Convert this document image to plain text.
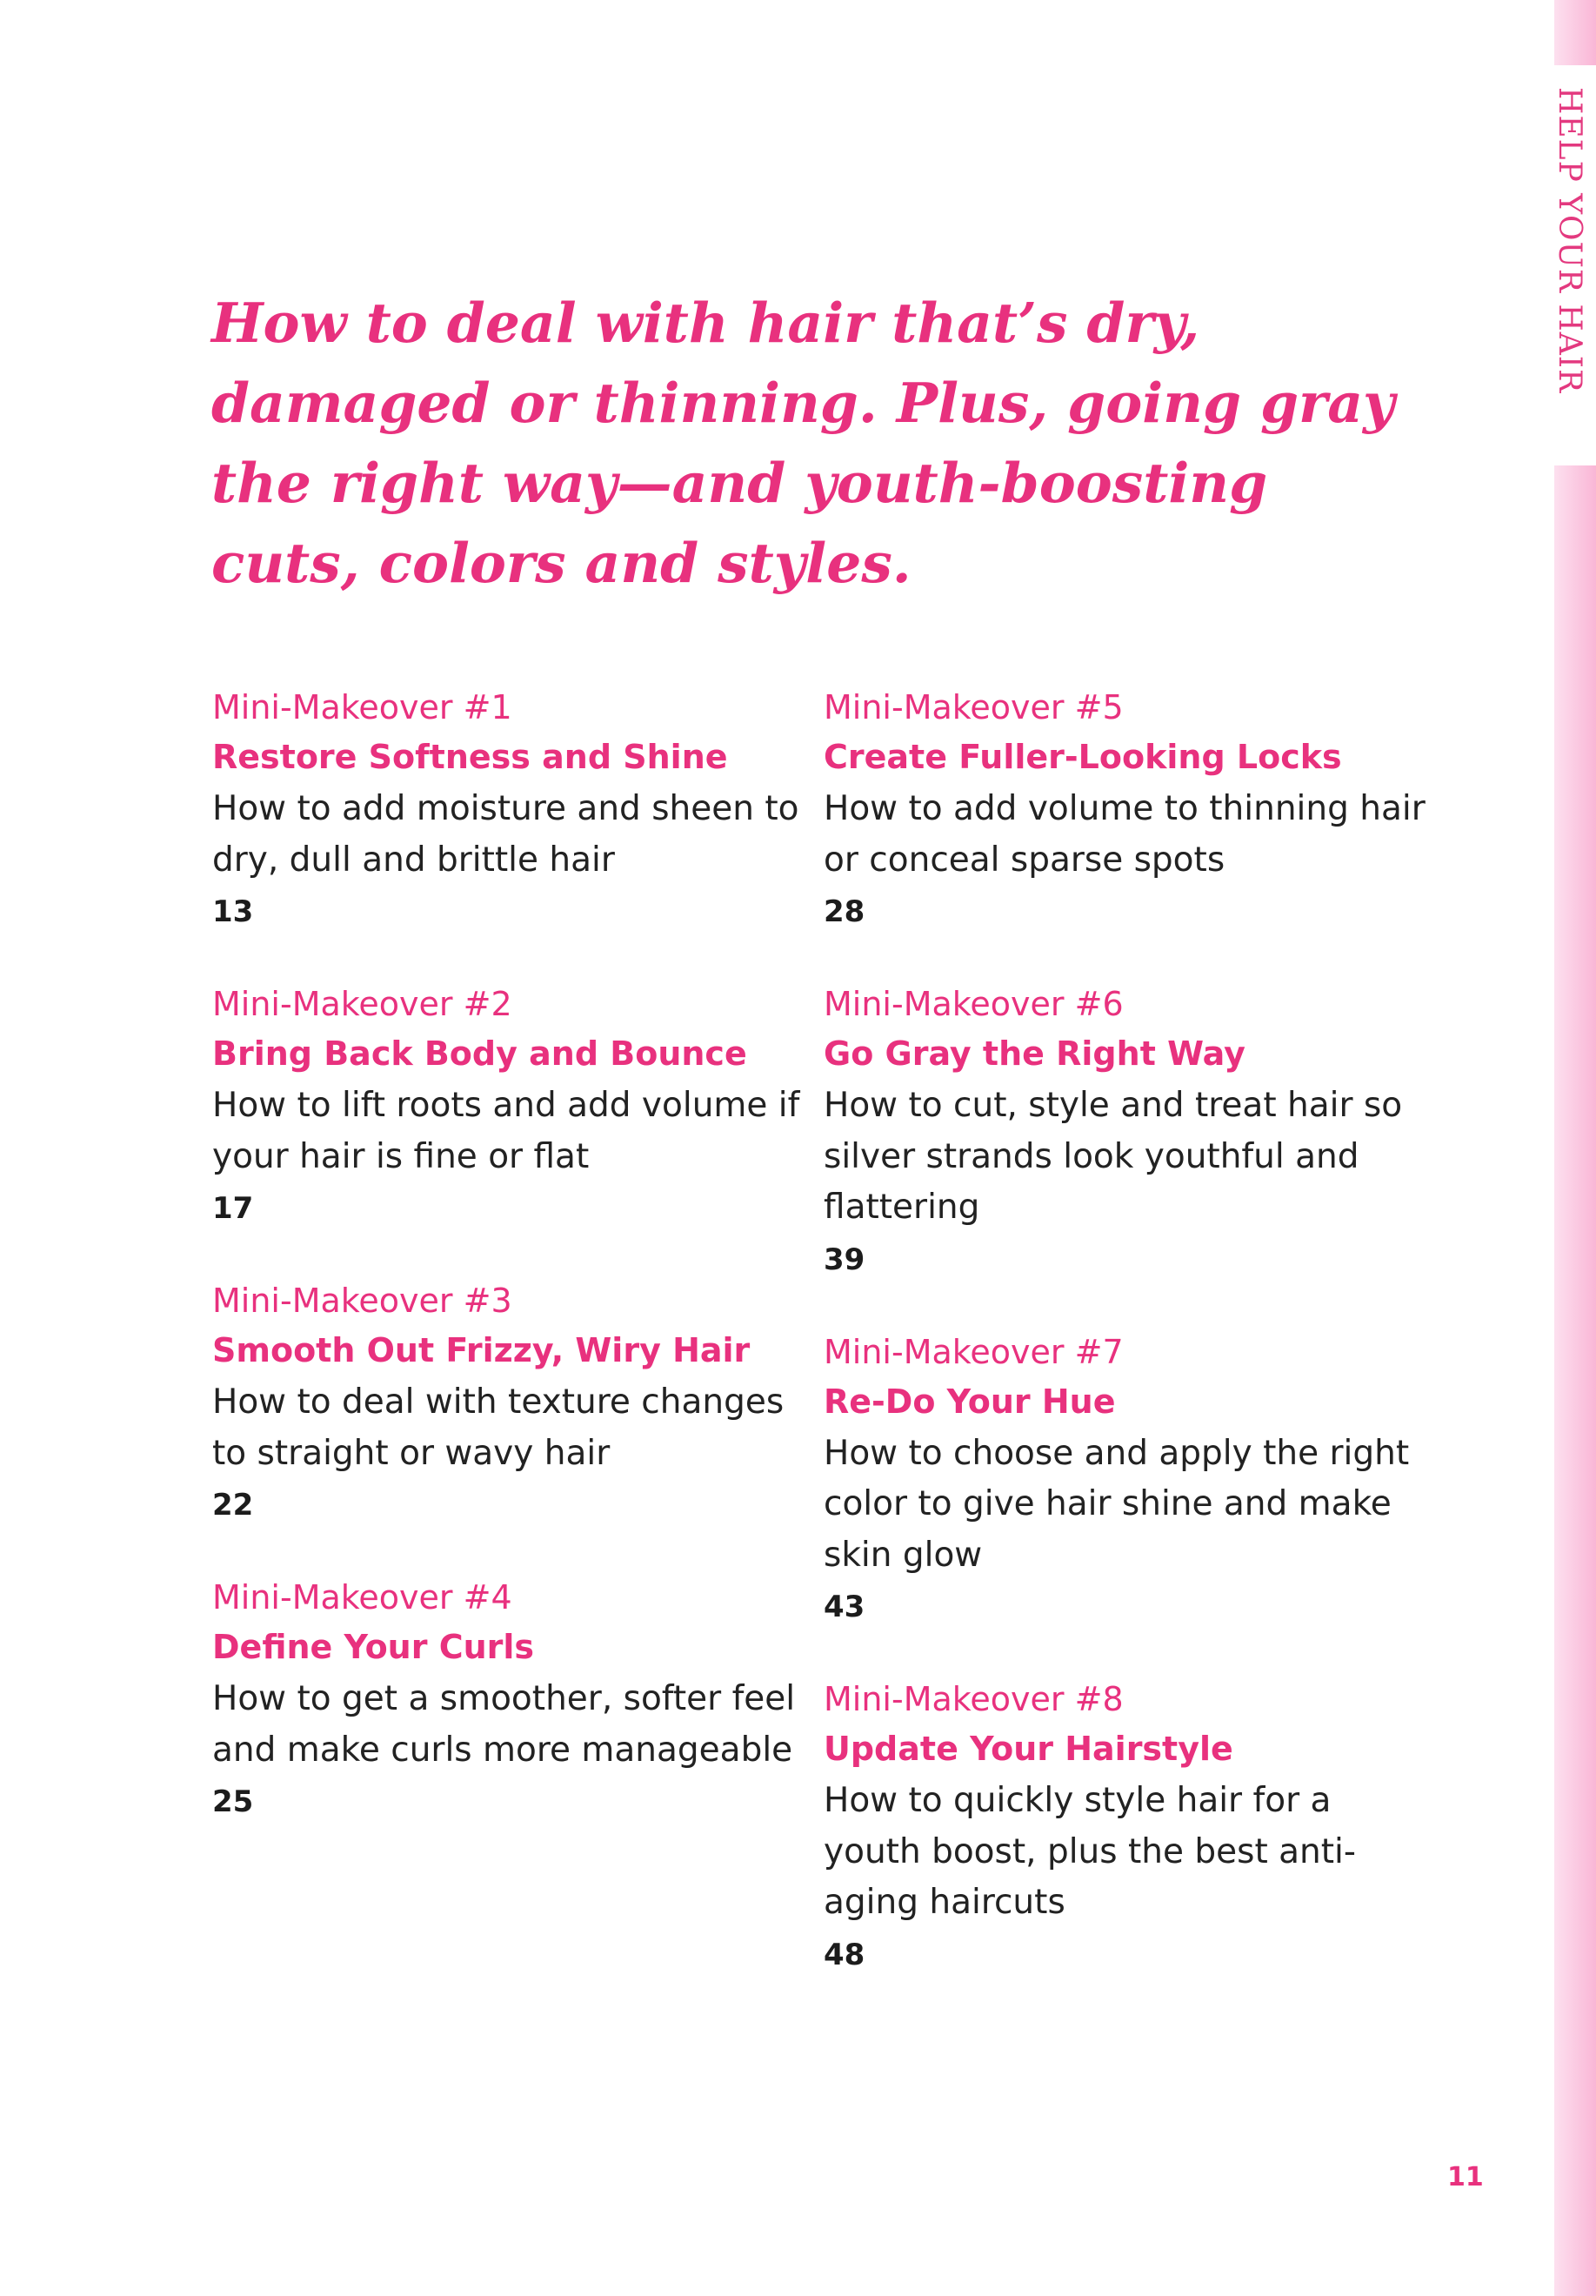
HELP YOUR HAIR
How to deal with hair that’s dry, damaged or thinning. Plus, going gray the right way—and youth-boosting cuts, colors and styles.
Mini-Makeover #1
Restore Softness and Shine
How to add moisture and sheen to dry, dull and brittle hair
13
Mini-Makeover #2
Bring Back Body and Bounce
How to lift roots and add volume if your hair is fine or flat
17
Mini-Makeover #3
Smooth Out Frizzy, Wiry Hair
How to deal with texture changes to straight or wavy hair
22
Mini-Makeover #4
Define Your Curls
How to get a smoother, softer feel and make curls more manageable
25
Mini-Makeover #5
Create Fuller-Looking Locks
How to add volume to thinning hair or conceal sparse spots
28
Mini-Makeover #6
Go Gray the Right Way
How to cut, style and treat hair so silver strands look youthful and flattering
39
Mini-Makeover #7
Re-Do Your Hue
How to choose and apply the right color to give hair shine and make skin glow
43
Mini-Makeover #8
Update Your Hairstyle
How to quickly style hair for a youth boost, plus the best anti-aging haircuts
48
11
